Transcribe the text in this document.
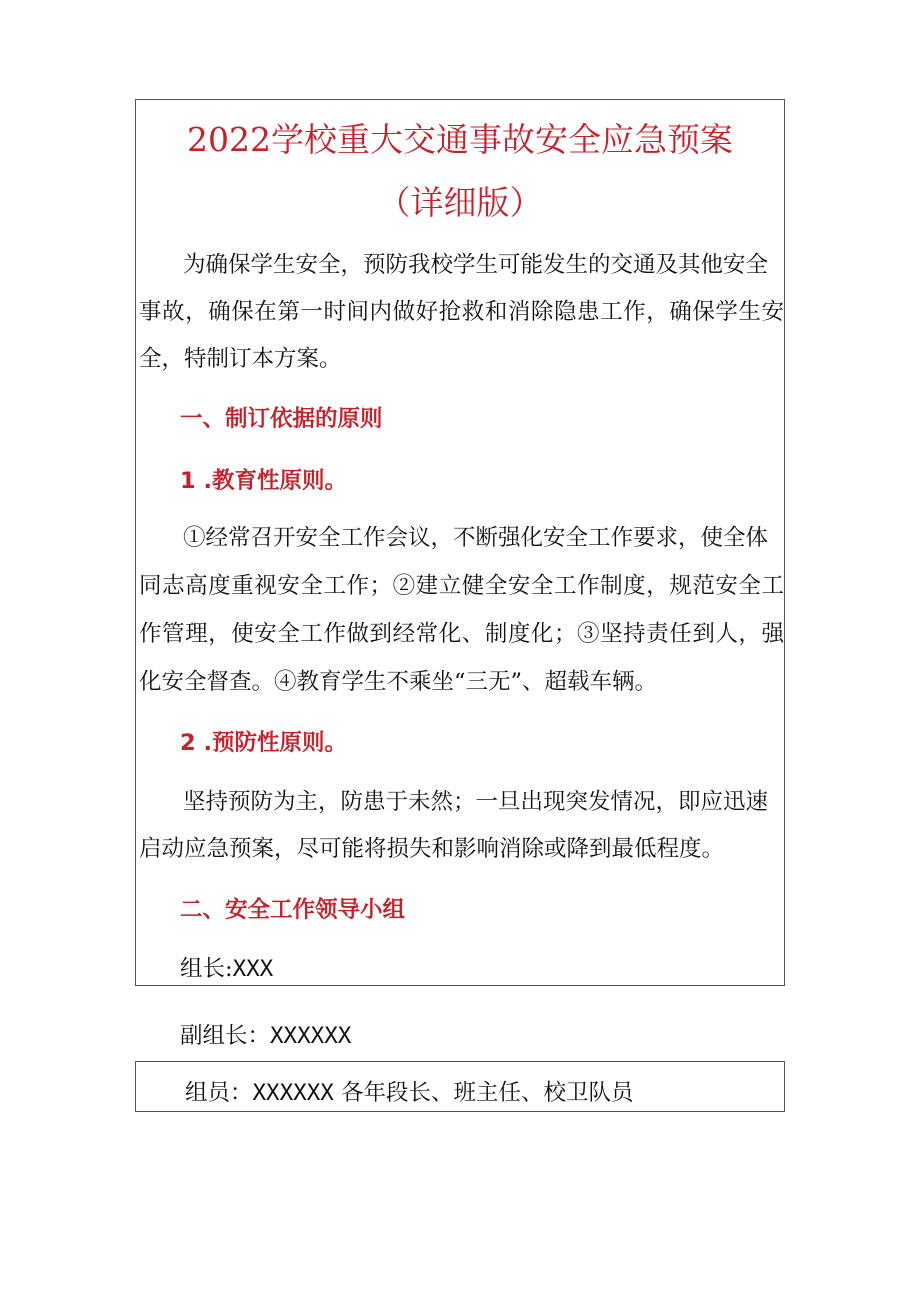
2022学校重大交通事故安全应急预案
（详细版）
为确保学生安全，预防我校学生可能发生的交通及其他安全
事故，确保在第一时间内做好抢救和消除隐患工作，确保学生安
全，特制订本方案。
一、制订依据的原则
1 .教育性原则。
①经常召开安全工作会议，不断强化安全工作要求，使全体
同志高度重视安全工作；②建立健全安全工作制度，规范安全工
作管理，使安全工作做到经常化、制度化；③坚持责任到人，强
化安全督查。④教育学生不乘坐“三无”、超载车辆。
2 .预防性原则。
坚持预防为主，防患于未然；一旦出现突发情况，即应迅速
启动应急预案，尽可能将损失和影响消除或降到最低程度。
二、安全工作领导小组
组长:XXX
副组长：XXXXXX
组员：XXXXXX 各年段长、班主任、校卫队员
